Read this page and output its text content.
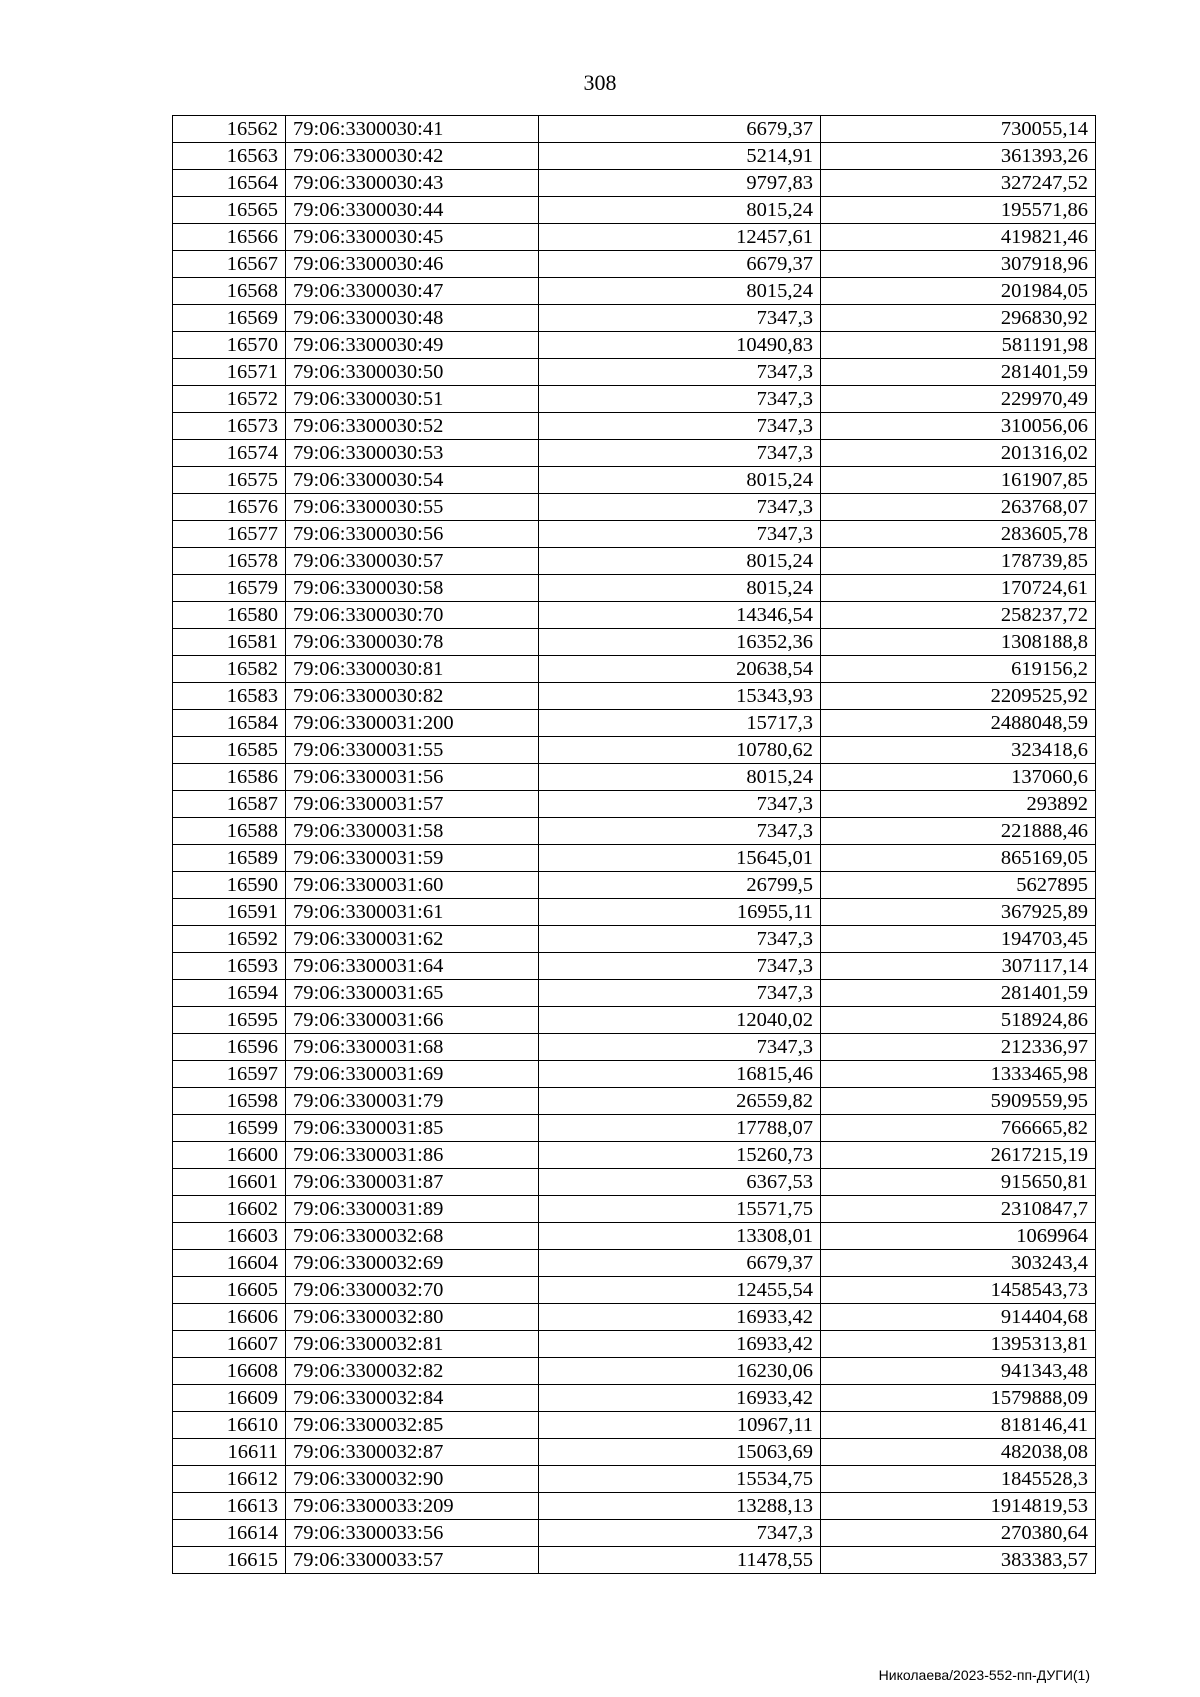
308
16562	79:06:3300030:41	6679,37	730055,14
16563	79:06:3300030:42	5214,91	361393,26
16564	79:06:3300030:43	9797,83	327247,52
16565	79:06:3300030:44	8015,24	195571,86
16566	79:06:3300030:45	12457,61	419821,46
16567	79:06:3300030:46	6679,37	307918,96
16568	79:06:3300030:47	8015,24	201984,05
16569	79:06:3300030:48	7347,3	296830,92
16570	79:06:3300030:49	10490,83	581191,98
16571	79:06:3300030:50	7347,3	281401,59
16572	79:06:3300030:51	7347,3	229970,49
16573	79:06:3300030:52	7347,3	310056,06
16574	79:06:3300030:53	7347,3	201316,02
16575	79:06:3300030:54	8015,24	161907,85
16576	79:06:3300030:55	7347,3	263768,07
16577	79:06:3300030:56	7347,3	283605,78
16578	79:06:3300030:57	8015,24	178739,85
16579	79:06:3300030:58	8015,24	170724,61
16580	79:06:3300030:70	14346,54	258237,72
16581	79:06:3300030:78	16352,36	1308188,8
16582	79:06:3300030:81	20638,54	619156,2
16583	79:06:3300030:82	15343,93	2209525,92
16584	79:06:3300031:200	15717,3	2488048,59
16585	79:06:3300031:55	10780,62	323418,6
16586	79:06:3300031:56	8015,24	137060,6
16587	79:06:3300031:57	7347,3	293892
16588	79:06:3300031:58	7347,3	221888,46
16589	79:06:3300031:59	15645,01	865169,05
16590	79:06:3300031:60	26799,5	5627895
16591	79:06:3300031:61	16955,11	367925,89
16592	79:06:3300031:62	7347,3	194703,45
16593	79:06:3300031:64	7347,3	307117,14
16594	79:06:3300031:65	7347,3	281401,59
16595	79:06:3300031:66	12040,02	518924,86
16596	79:06:3300031:68	7347,3	212336,97
16597	79:06:3300031:69	16815,46	1333465,98
16598	79:06:3300031:79	26559,82	5909559,95
16599	79:06:3300031:85	17788,07	766665,82
16600	79:06:3300031:86	15260,73	2617215,19
16601	79:06:3300031:87	6367,53	915650,81
16602	79:06:3300031:89	15571,75	2310847,7
16603	79:06:3300032:68	13308,01	1069964
16604	79:06:3300032:69	6679,37	303243,4
16605	79:06:3300032:70	12455,54	1458543,73
16606	79:06:3300032:80	16933,42	914404,68
16607	79:06:3300032:81	16933,42	1395313,81
16608	79:06:3300032:82	16230,06	941343,48
16609	79:06:3300032:84	16933,42	1579888,09
16610	79:06:3300032:85	10967,11	818146,41
16611	79:06:3300032:87	15063,69	482038,08
16612	79:06:3300032:90	15534,75	1845528,3
16613	79:06:3300033:209	13288,13	1914819,53
16614	79:06:3300033:56	7347,3	270380,64
16615	79:06:3300033:57	11478,55	383383,57
Николаева/2023-552-пп-ДУГИ(1)
